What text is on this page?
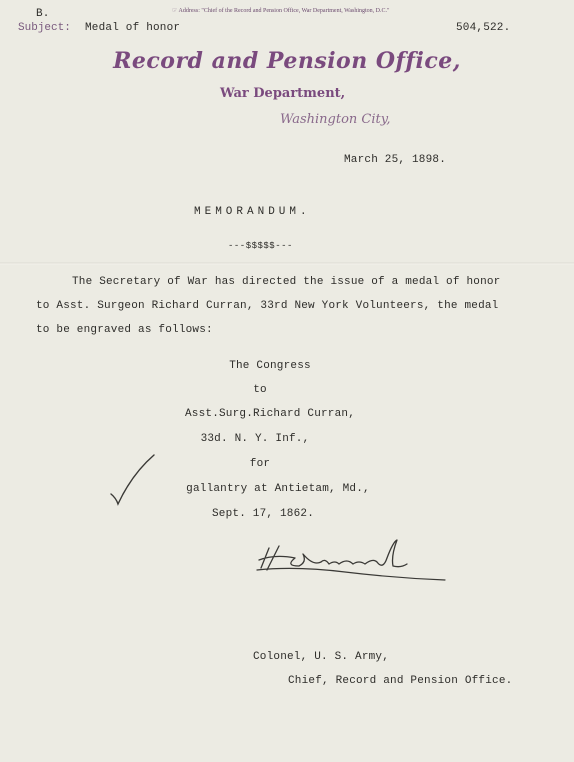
☞ Address: "Chief of the Record and Pension Office, War Department, Washington, D.C."
B.
Subject: Medal of honor	504,522.
Record and Pension Office,
War Department,
Washington City,
March 25, 1898.
MEMORANDUM.
---$$$$$---
The Secretary of War has directed the issue of a medal of honor
to Asst. Surgeon Richard Curran, 33rd New York Volunteers, the medal
to be engraved as follows:
The Congress
to
Asst.Surg.Richard Curran,
33d. N. Y. Inf.,
for
gallantry at Antietam, Md.,
Sept. 17, 1862.
Colonel, U. S. Army,
Chief, Record and Pension Office.
